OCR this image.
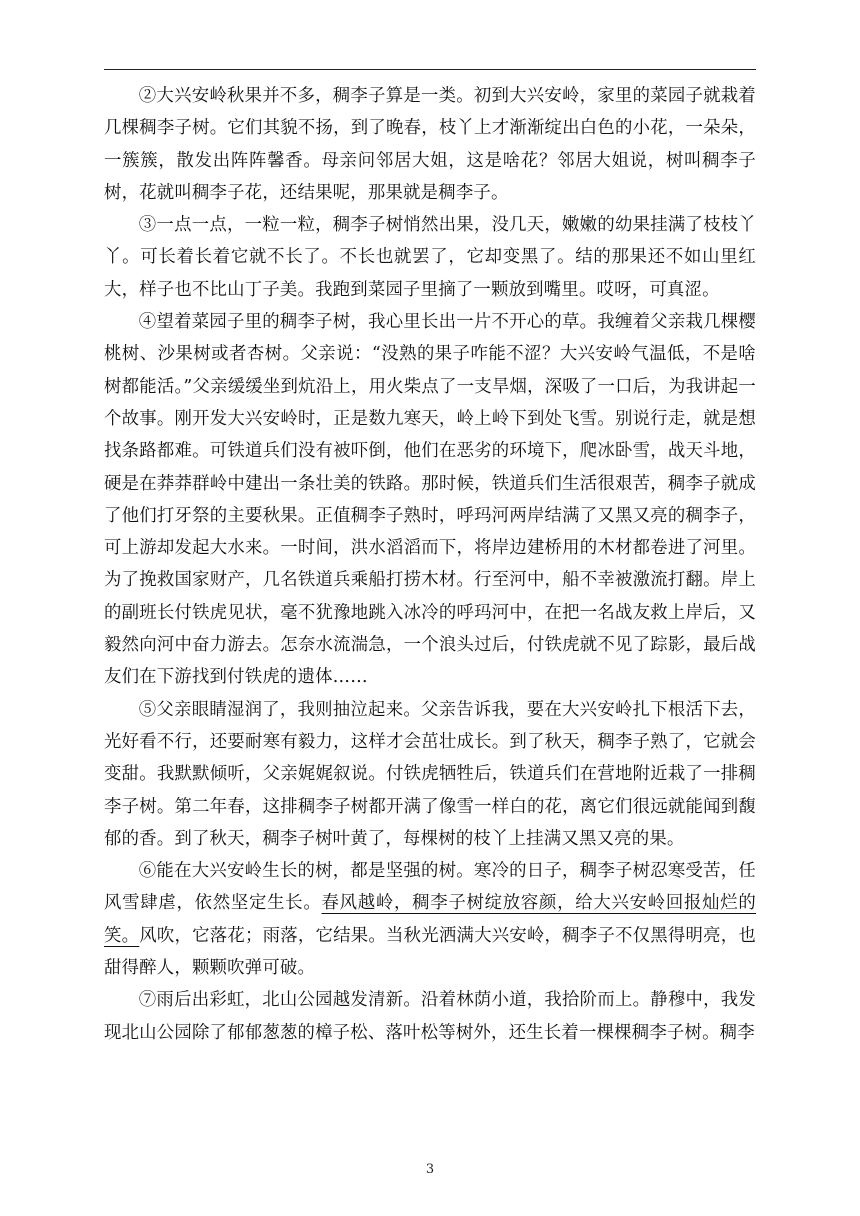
②大兴安岭秋果并不多，稠李子算是一类。初到大兴安岭，家里的菜园子就栽着几棵稠李子树。它们其貌不扬，到了晚春，枝丫上才渐渐绽出白色的小花，一朵朵，一簇簇，散发出阵阵馨香。母亲问邻居大姐，这是啥花？邻居大姐说，树叫稠李子树，花就叫稠李子花，还结果呢，那果就是稠李子。

③一点一点，一粒一粒，稠李子树悄然出果，没几天，嫩嫩的幼果挂满了枝枝丫丫。可长着长着它就不长了。不长也就罢了，它却变黑了。结的那果还不如山里红大，样子也不比山丁子美。我跑到菜园子里摘了一颗放到嘴里。哎呀，可真涩。

④望着菜园子里的稠李子树，我心里长出一片不开心的草。我缠着父亲栽几棵樱桃树、沙果树或者杏树。父亲说：“没熟的果子咋能不涩？大兴安岭气温低，不是啥树都能活。”父亲缓缓坐到炕沿上，用火柴点了一支旱烟，深吸了一口后，为我讲起一个故事。刚开发大兴安岭时，正是数九寒天，岭上岭下到处飞雪。别说行走，就是想找条路都难。可铁道兵们没有被吓倒，他们在恶劣的环境下，爬冰卧雪，战天斗地，硬是在莽莽群岭中建出一条壮美的铁路。那时候，铁道兵们生活很艰苦，稠李子就成了他们打牙祭的主要秋果。正值稠李子熟时，呼玛河两岸结满了又黑又亮的稠李子，可上游却发起大水来。一时间，洪水滔滔而下，将岸边建桥用的木材都卷进了河里。为了挽救国家财产，几名铁道兵乘船打捞木材。行至河中，船不幸被激流打翻。岸上的副班长付铁虎见状，毫不犹豫地跳入冰冷的呼玛河中，在把一名战友救上岸后，又毅然向河中奋力游去。怎奈水流湍急，一个浪头过后，付铁虎就不见了踪影，最后战友们在下游找到付铁虎的遗体……

⑤父亲眼睛湿润了，我则抽泣起来。父亲告诉我，要在大兴安岭扎下根活下去，光好看不行，还要耐寒有毅力，这样才会茁壮成长。到了秋天，稠李子熟了，它就会变甜。我默默倾听，父亲娓娓叙说。付铁虎牺牲后，铁道兵们在营地附近栽了一排稠李子树。第二年春，这排稠李子树都开满了像雪一样白的花，离它们很远就能闻到馥郁的香。到了秋天，稠李子树叶黄了，每棵树的枝丫上挂满又黑又亮的果。

⑥能在大兴安岭生长的树，都是坚强的树。寒冷的日子，稠李子树忍寒受苦，任风雪肆虐，依然坚定生长。春风越岭，稠李子树绽放容颜，给大兴安岭回报灿烂的笑。风吹，它落花；雨落，它结果。当秋光洒满大兴安岭，稠李子不仅黑得明亮，也甜得醉人，颗颗吹弹可破。

⑦雨后出彩虹，北山公园越发清新。沿着林荫小道，我拾阶而上。静穆中，我发现北山公园除了郁郁葱葱的樟子松、落叶松等树外，还生长着一棵棵稠李子树。稠李

3
